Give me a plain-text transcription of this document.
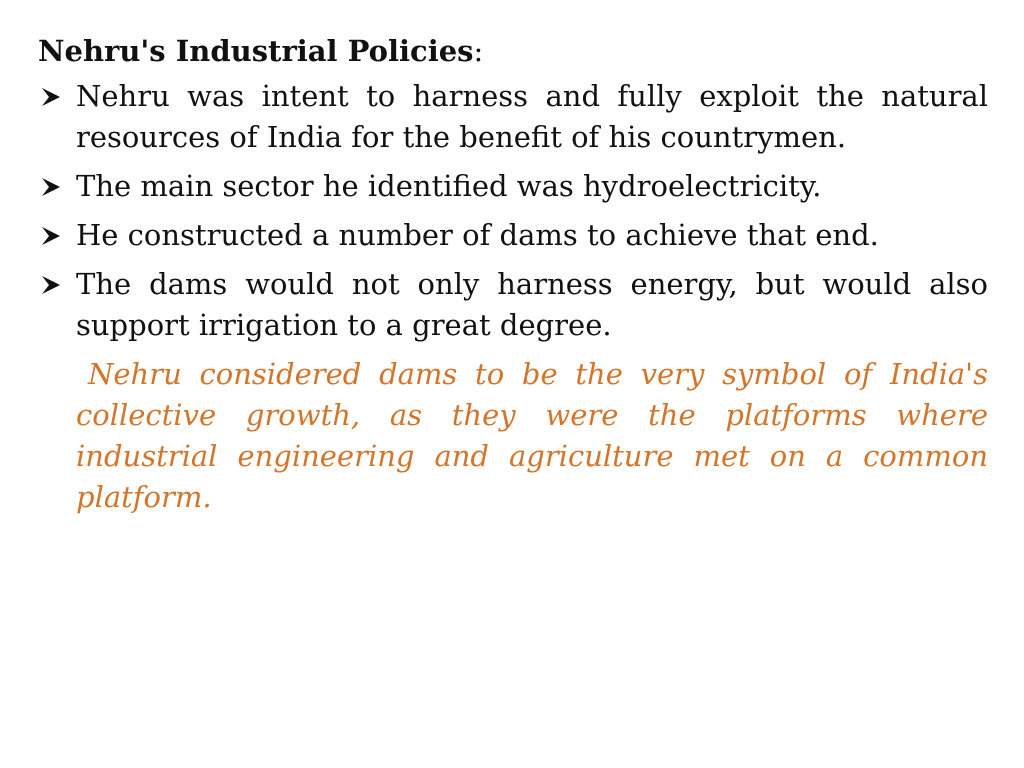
Nehru's Industrial Policies:
Nehru was intent to harness and fully exploit the natural resources of India for the benefit of his countrymen.
The main sector he identified was hydroelectricity.
He constructed a number of dams to achieve that end.
The dams would not only harness energy, but would also support irrigation to a great degree.

Nehru considered dams to be the very symbol of India's collective growth, as they were the platforms where industrial engineering and agriculture met on a common platform.
